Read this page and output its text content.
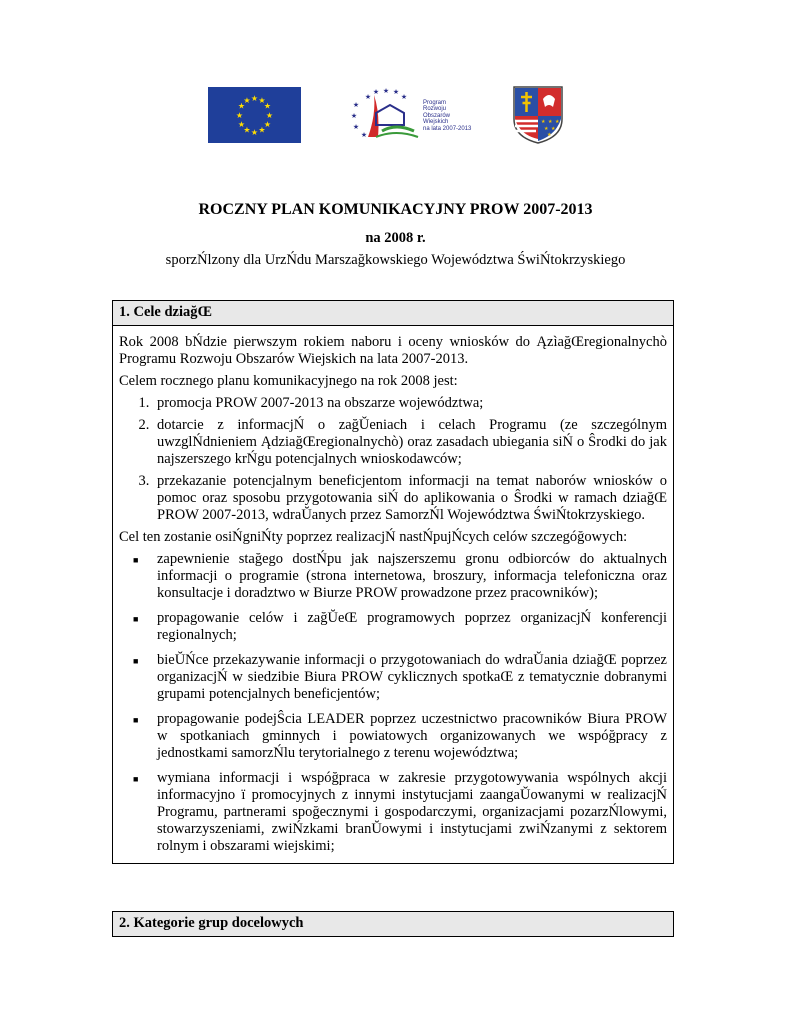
★ ★
★
★
★
★
★
★
★
★
★
★	★
★ ★ ★
★
★
★
★
★
Program
Rozwoju
Obszarów
Wiejskich
na lata 2007-2013
★ ★ ★
★ ★
★
ROCZNY PLAN KOMUNIKACYJNY PROW 2007-2013
na 2008 r.
sporzŃlzony dla UrzŃdu Marszağkowskiego Województwa ŚwiŃtokrzyskiego
1. Cele dziağŒ

Rok 2008 bŃdzie pierwszym rokiem naboru i oceny wniosków do ĄzìağŒregionalnychò Programu Rozwoju Obszarów Wiejskich na lata 2007-2013.

Celem rocznego planu komunikacyjnego na rok 2008 jest:

1. promocja PROW 2007-2013 na obszarze województwa;
2. dotarcie z informacjŃ o zağŬeniach i celach Programu (ze szczególnym uwzglŃdnieniem ĄdziağŒregionalnychò) oraz zasadach ubiegania siŃ o Ŝrodki do jak najszerszego krŃgu potencjalnych wnioskodawców;
3. przekazanie potencjalnym beneficjentom informacji na temat naborów wniosków o pomoc oraz sposobu przygotowania siŃ do aplikowania o Ŝrodki w ramach dziağŒ PROW 2007-2013, wdraŬanych przez SamorzŃl Województwa ŚwiŃtokrzyskiego.

Cel ten zostanie osiŃgniŃty poprzez realizacjŃ nastŃpujŃcych celów szczegóğowych:

■ zapewnienie stağego dostŃpu jak najszerszemu gronu odbiorców do aktualnych informacji o programie (strona internetowa, broszury, informacja telefoniczna oraz konsultacje i doradztwo w Biurze PROW prowadzone przez pracowników);
■ propagowanie celów i zağŬeŒ programowych poprzez organizacjŃ konferencji regionalnych;
■ bieŬŃce przekazywanie informacji o przygotowaniach do wdraŬania dziağŒ poprzez organizacjŃ w siedzibie Biura PROW cyklicznych spotkaŒ z tematycznie dobranymi grupami potencjalnych beneficjentów;
■ propagowanie podejŜcia LEADER poprzez uczestnictwo pracowników Biura PROW w spotkaniach gminnych i powiatowych organizowanych we wspóğpracy z jednostkami samorzŃlu terytorialnego z terenu województwa;
■ wymiana informacji i wspóğpraca w zakresie przygotowywania wspólnych akcji informacyjno ï promocyjnych z innymi instytucjami zaangaŬowanymi w realizacjŃ Programu, partnerami spoğecznymi i gospodarczymi, organizacjami pozarzŃlowymi, stowarzyszeniami, zwiŃzkami branŬowymi i instytucjami zwiŃzanymi z sektorem rolnym i obszarami wiejskimi;
2. Kategorie grup docelowych
